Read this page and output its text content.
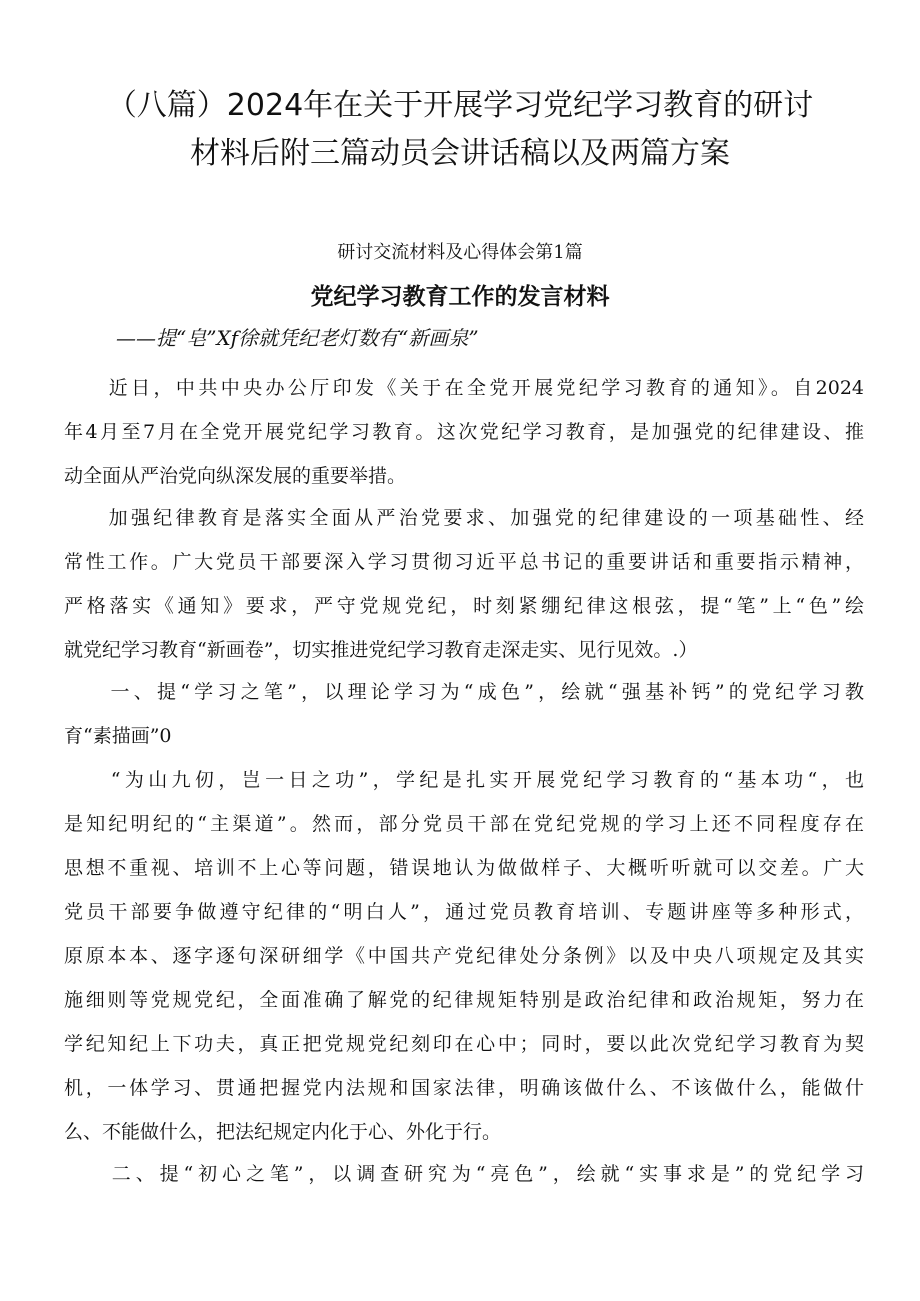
（八篇）2024年在关于开展学习党纪学习教育的研讨
材料后附三篇动员会讲话稿以及两篇方案
研讨交流材料及心得体会第1篇
党纪学习教育工作的发言材料
——提“皂”Xf徐就凭纪老灯数有“新画泉”
　　近日，中共中央办公厅印发《关于在全党开展党纪学习教育的通知》。自2024
年4月至7月在全党开展党纪学习教育。这次党纪学习教育，是加强党的纪律建设、推
动全面从严治党向纵深发展的重要举措。
　　加强纪律教育是落实全面从严治党要求、加强党的纪律建设的一项基础性、经
常性工作。广大党员干部要深入学习贯彻习近平总书记的重要讲话和重要指示精神，
严格落实《通知》要求，严守党规党纪，时刻紧绷纪律这根弦，提“笔”上“色”绘
就党纪学习教育“新画卷”，切实推进党纪学习教育走深走实、见行见效。.）
　　一、提“学习之笔”，以理论学习为“成色”，绘就“强基补钙”的党纪学习教
育“素描画”0
　　“为山九仞，岂一日之功”，学纪是扎实开展党纪学习教育的“基本功“，也
是知纪明纪的“主渠道”。然而，部分党员干部在党纪党规的学习上还不同程度存在
思想不重视、培训不上心等问题，错误地认为做做样子、大概听听就可以交差。广大
党员干部要争做遵守纪律的“明白人”，通过党员教育培训、专题讲座等多种形式，
原原本本、逐字逐句深研细学《中国共产党纪律处分条例》以及中央八项规定及其实
施细则等党规党纪，全面准确了解党的纪律规矩特别是政治纪律和政治规矩，努力在
学纪知纪上下功夫，真正把党规党纪刻印在心中；同时，要以此次党纪学习教育为契
机，一体学习、贯通把握党内法规和国家法律，明确该做什么、不该做什么，能做什
么、不能做什么，把法纪规定内化于心、外化于行。
　　二、提“初心之笔”，以调查研究为“亮色”，绘就“实事求是”的党纪学习
